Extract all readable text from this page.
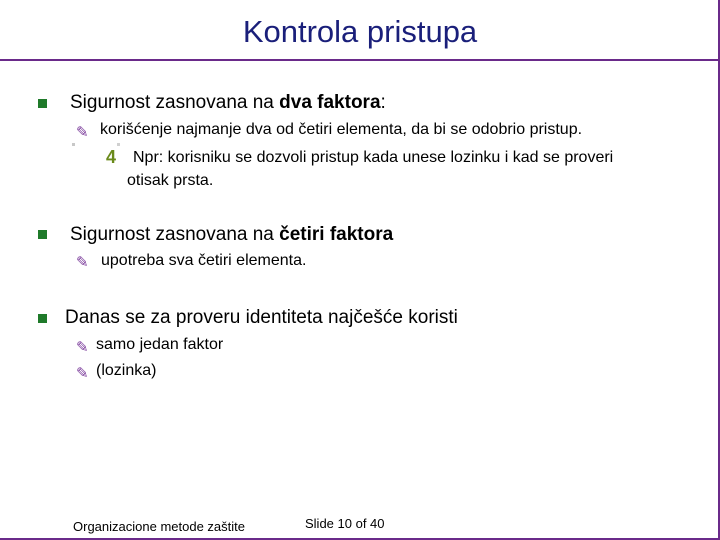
Kontrola pristupa
Sigurnost zasnovana na dva faktora:
✎ korišćenje najmanje dva od četiri elementa, da bi se odobrio pristup.
4	Npr: korisniku se dozvoli pristup kada unese lozinku i kad se proveri
otisak prsta.
Sigurnost zasnovana na četiri faktora
✎ upotreba sva četiri elementa.
Danas se za proveru identiteta najčešće koristi
✎ samo jedan faktor
✎ (lozinka)
Organizacione metode zaštite	Slide 10 of 40
